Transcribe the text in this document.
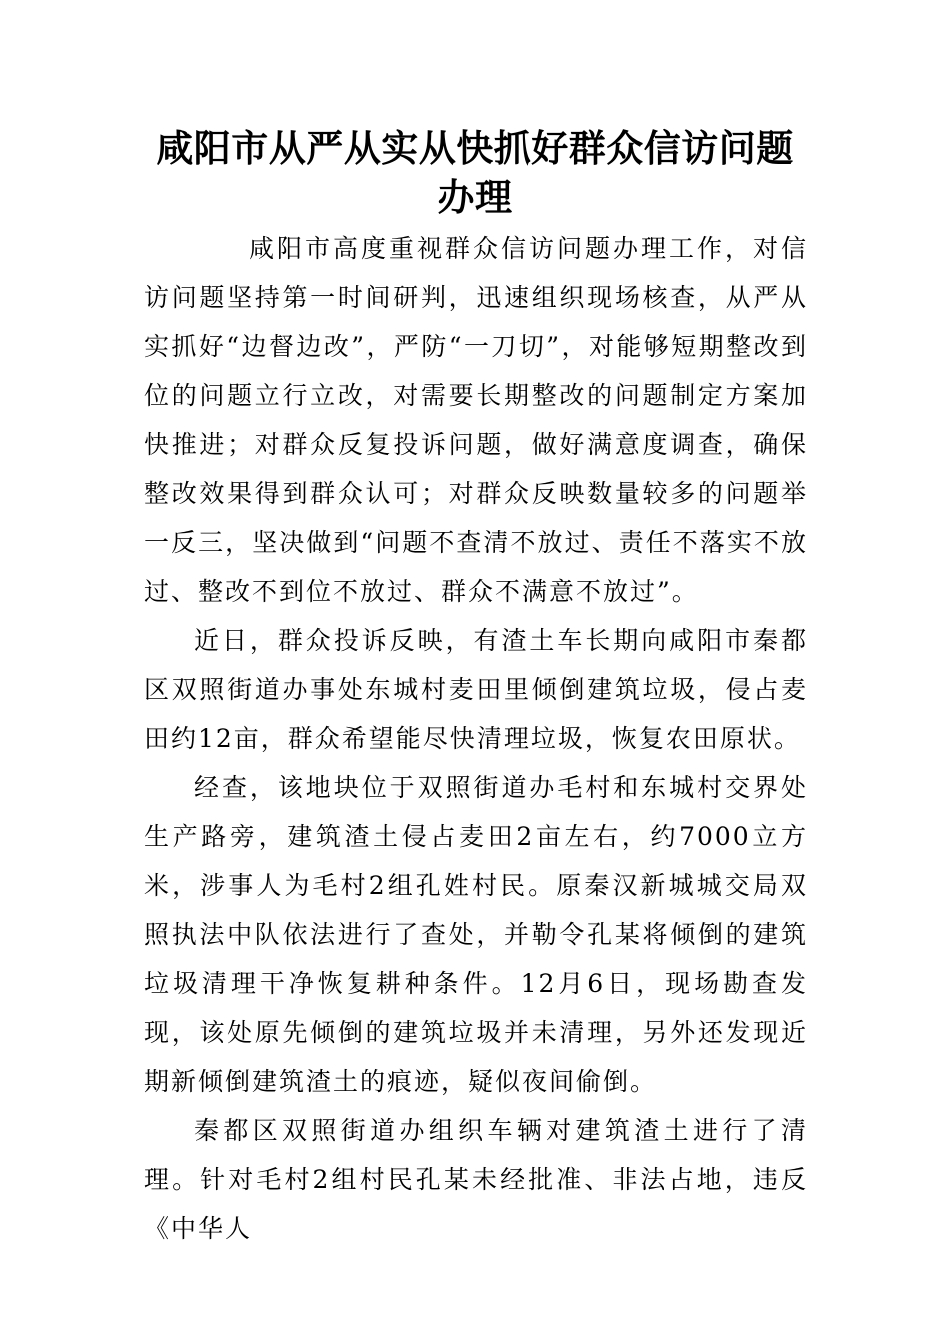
咸阳市从严从实从快抓好群众信访问题办理

咸阳市高度重视群众信访问题办理工作，对信访问题坚持第一时间研判，迅速组织现场核查，从严从实抓好“边督边改”，严防“一刀切”，对能够短期整改到位的问题立行立改，对需要长期整改的问题制定方案加快推进；对群众反复投诉问题，做好满意度调查，确保整改效果得到群众认可；对群众反映数量较多的问题举一反三，坚决做到“问题不查清不放过、责任不落实不放过、整改不到位不放过、群众不满意不放过”。

近日，群众投诉反映，有渣土车长期向咸阳市秦都区双照街道办事处东城村麦田里倾倒建筑垃圾，侵占麦田约12亩，群众希望能尽快清理垃圾，恢复农田原状。

经查，该地块位于双照街道办毛村和东城村交界处生产路旁，建筑渣土侵占麦田2亩左右，约7000立方米，涉事人为毛村2组孔姓村民。原秦汉新城城交局双照执法中队依法进行了查处，并勒令孔某将倾倒的建筑垃圾清理干净恢复耕种条件。12月6日，现场勘查发现，该处原先倾倒的建筑垃圾并未清理，另外还发现近期新倾倒建筑渣土的痕迹，疑似夜间偷倒。

秦都区双照街道办组织车辆对建筑渣土进行了清理。针对毛村2组村民孔某未经批准、非法占地，违反《中华人
